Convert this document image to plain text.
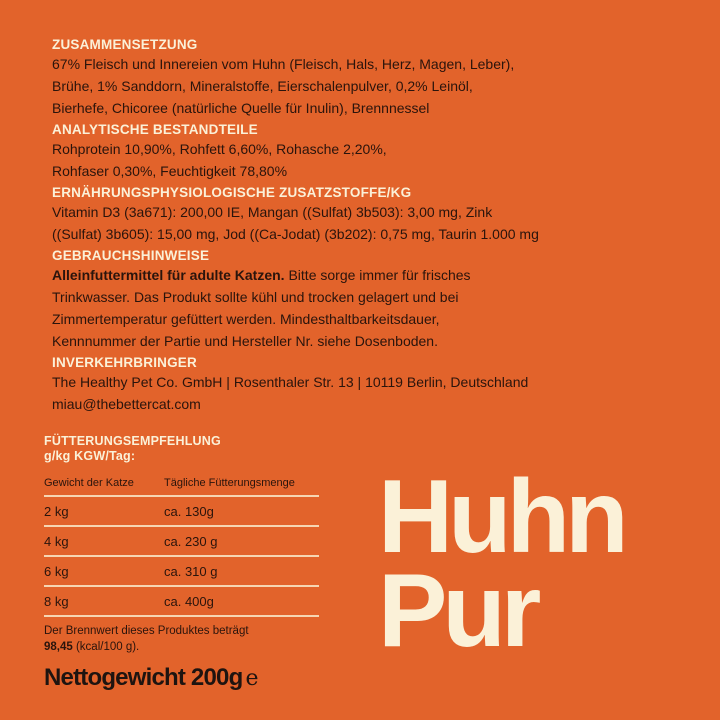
ZUSAMMENSETZUNG

67% Fleisch und Innereien vom Huhn (Fleisch, Hals, Herz, Magen, Leber),

Brühe, 1% Sanddorn, Mineralstoffe, Eierschalenpulver, 0,2% Leinöl,

Bierhefe, Chicoree (natürliche Quelle für Inulin), Brennnessel

ANALYTISCHE BESTANDTEILE

Rohprotein 10,90%, Rohfett 6,60%, Rohasche 2,20%,

Rohfaser 0,30%, Feuchtigkeit 78,80%

ERNÄHRUNGSPHYSIOLOGISCHE ZUSATZSTOFFE/KG

Vitamin D3 (3a671): 200,00 IE, Mangan ((Sulfat) 3b503): 3,00 mg, Zink

((Sulfat) 3b605): 15,00 mg, Jod ((Ca-Jodat) (3b202): 0,75 mg, Taurin 1.000 mg

GEBRAUCHSHINWEISE

Alleinfuttermittel für adulte Katzen. Bitte sorge immer für frisches

Trinkwasser. Das Produkt sollte kühl und trocken gelagert und bei

Zimmertemperatur gefüttert werden. Mindesthaltbarkeitsdauer,

Kennnummer der Partie und Hersteller Nr. siehe Dosenboden.

INVERKEHRBRINGER

The Healthy Pet Co. GmbH | Rosenthaler Str. 13 | 10119 Berlin, Deutschland

miau@thebettercat.com

FÜTTERUNGSEMPFEHLUNG

g/kg KGW/Tag:

Gewicht der Katze	Tägliche Fütterungsmenge
2 kg	ca. 130g
4 kg	ca. 230 g
6 kg	ca. 310 g
8 kg	ca. 400g
Der Brennwert dieses Produktes beträgt
98,45 (kcal/100 g).
Nettogewicht 200g e
Huhn
Pur
